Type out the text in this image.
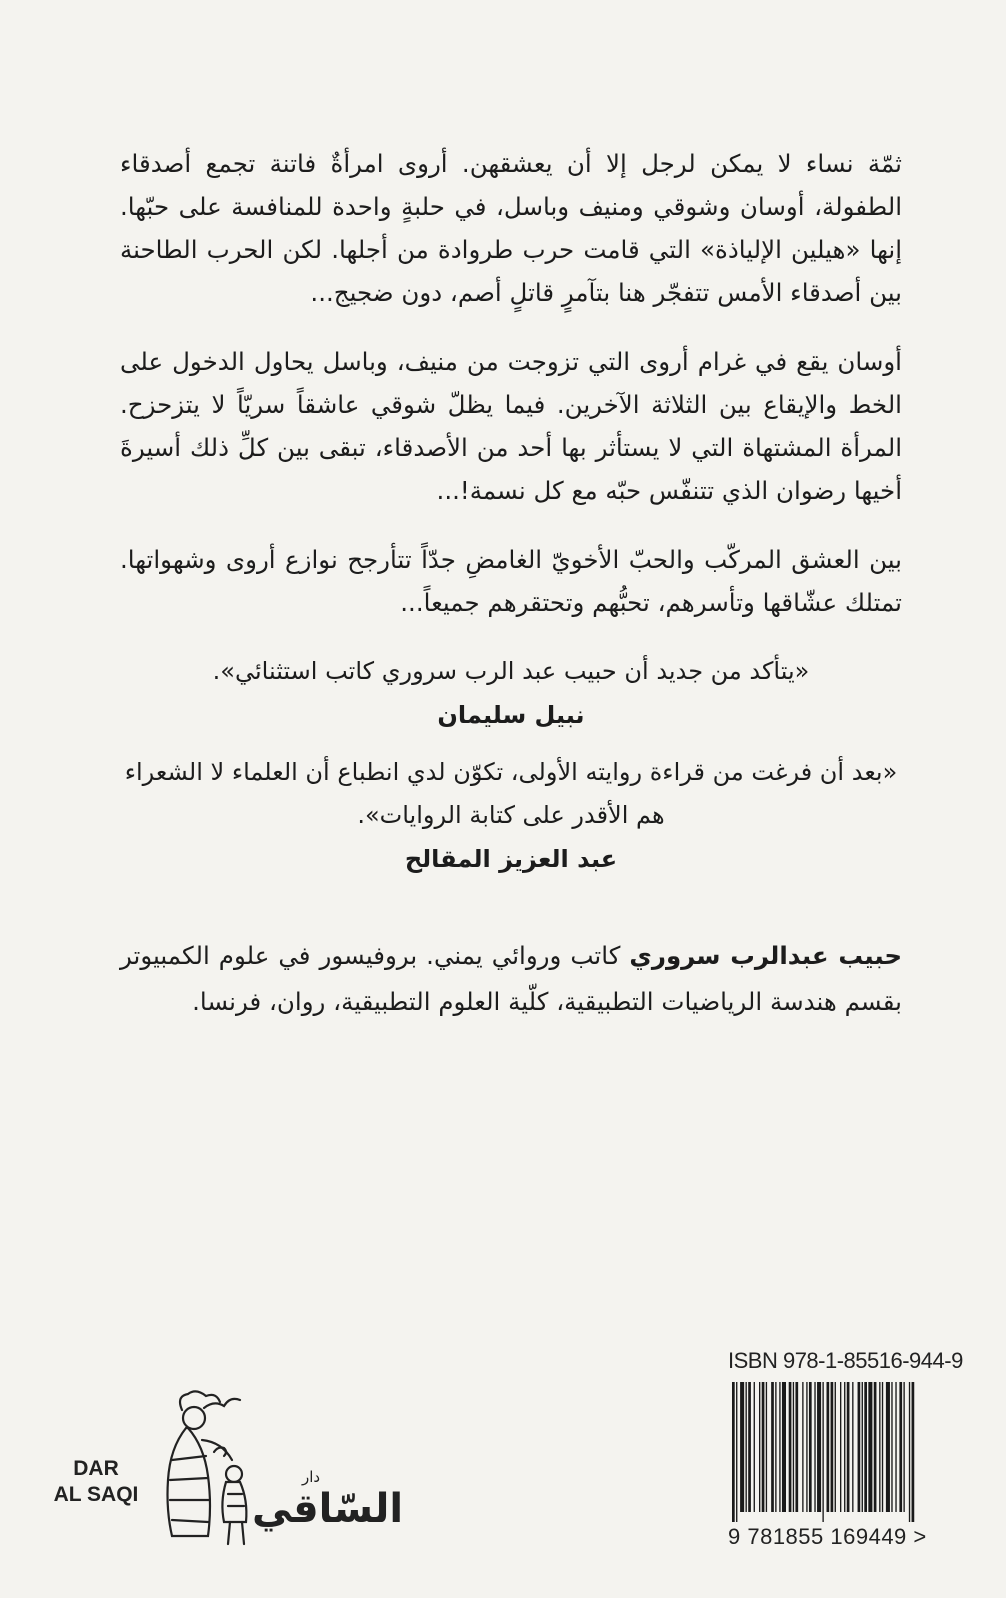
ثمّة نساء لا يمكن لرجل إلا أن يعشقهن. أروى امرأةٌ فاتنة تجمع أصدقاء الطفولة، أوسان وشوقي ومنيف وباسل، في حلبةٍ واحدة للمنافسة على حبّها. إنها «هيلين الإلياذة» التي قامت حرب طروادة من أجلها. لكن الحرب الطاحنة بين أصدقاء الأمس تتفجّر هنا بتآمرٍ قاتلٍ أصم، دون ضجيج...

أوسان يقع في غرام أروى التي تزوجت من منيف، وباسل يحاول الدخول على الخط والإيقاع بين الثلاثة الآخرين. فيما يظلّ شوقي عاشقاً سريّاً لا يتزحزح. المرأة المشتهاة التي لا يستأثر بها أحد من الأصدقاء، تبقى بين كلِّ ذلك أسيرةَ أخيها رضوان الذي تتنفّس حبّه مع كل نسمة!...

بين العشق المركّب والحبّ الأخويّ الغامضِ جدّاً تتأرجح نوازع أروى وشهواتها. تمتلك عشّاقها وتأسرهم، تحبُّهم وتحتقرهم جميعاً...

«يتأكد من جديد أن حبيب عبد الرب سروري كاتب استثنائي».

نبيل سليمان

«بعد أن فرغت من قراءة روايته الأولى، تكوّن لدي انطباع أن العلماء لا الشعراء هم الأقدر على كتابة الروايات».

عبد العزيز المقالح

حبيب عبدالرب سروري كاتب وروائي يمني. بروفيسور في علوم الكمبيوتر بقسم هندسة الرياضيات التطبيقية، كلّية العلوم التطبيقية، روان، فرنسا.

DAR
AL SAQI
دار
السّاقي
ISBN 978-1-85516-944-9
9 781855 169449 >
